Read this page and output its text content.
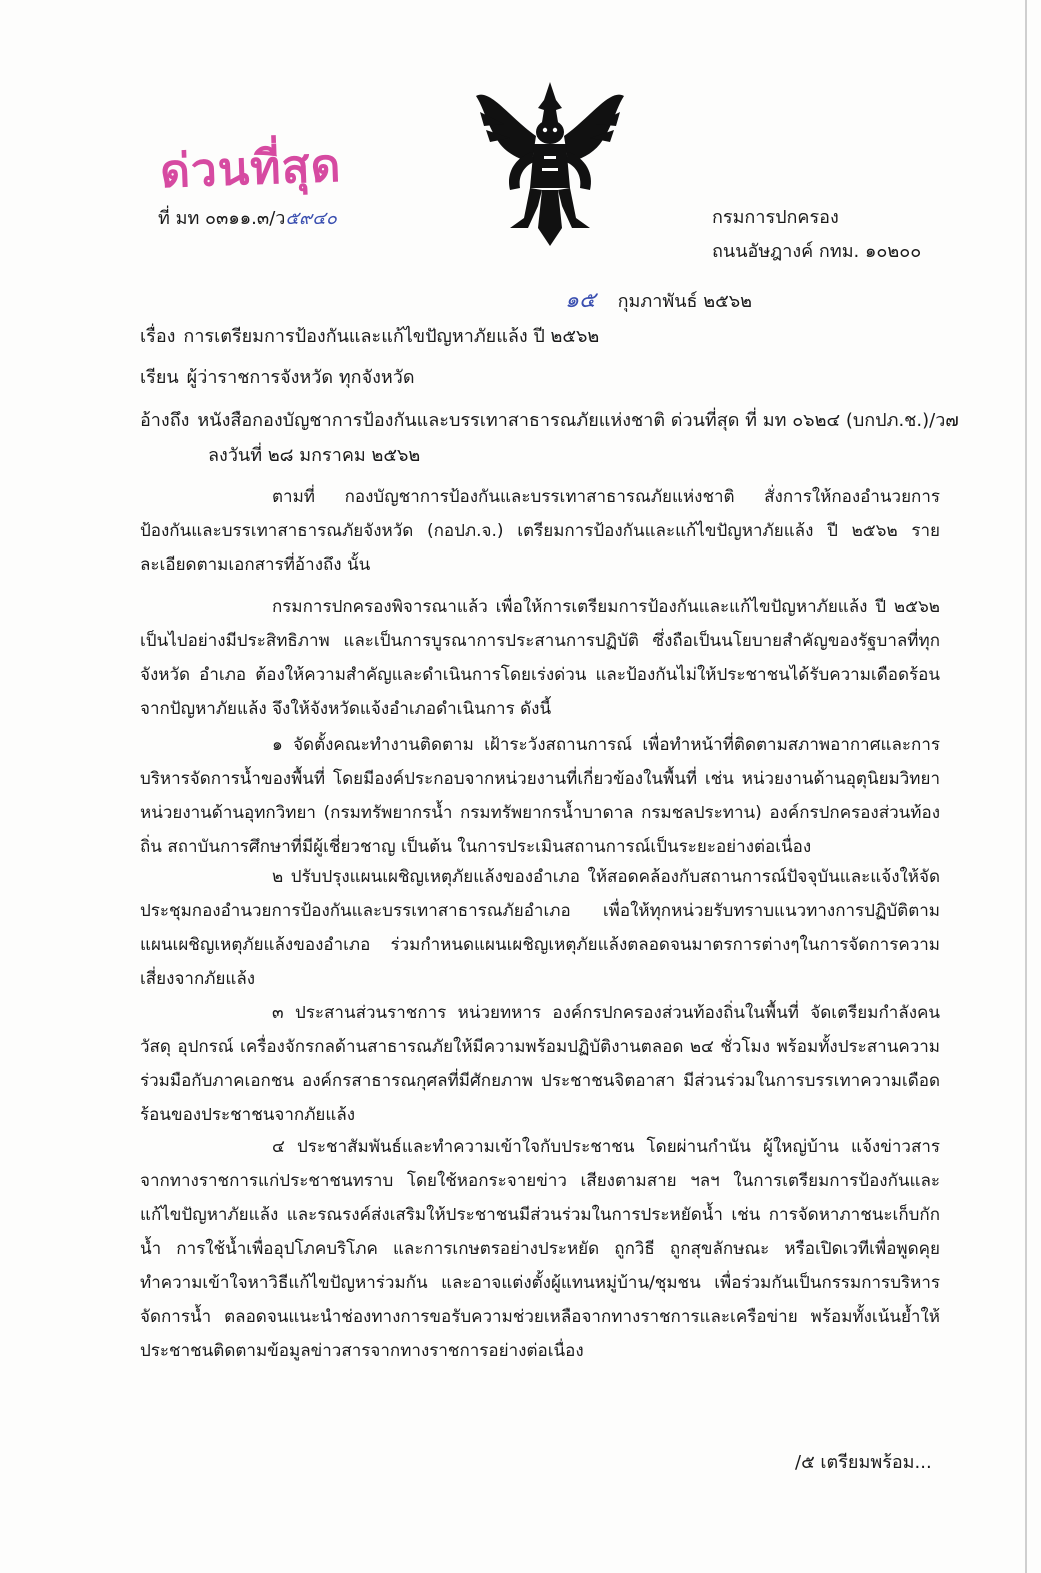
ด่วนที่สุด
ที่ มท ๐๓๑๑.๓/ว๕๙๔๐	กรมการปกครอง
ถนนอัษฎางค์ กทม. ๑๐๒๐๐
๑๕ กุมภาพันธ์ ๒๕๖๒
เรื่อง การเตรียมการป้องกันและแก้ไขปัญหาภัยแล้ง ปี ๒๕๖๒
เรียน ผู้ว่าราชการจังหวัด ทุกจังหวัด
อ้างถึง หนังสือกองบัญชาการป้องกันและบรรเทาสาธารณภัยแห่งชาติ ด่วนที่สุด ที่ มท ๐๖๒๔ (บกปภ.ช.)/ว๗
ลงวันที่ ๒๘ มกราคม ๒๕๖๒

ตามที่ กองบัญชาการป้องกันและบรรเทาสาธารณภัยแห่งชาติ สั่งการให้กองอำนวยการป้องกันและบรรเทาสาธารณภัยจังหวัด (กอปภ.จ.) เตรียมการป้องกันและแก้ไขปัญหาภัยแล้ง ปี ๒๕๖๒ รายละเอียดตามเอกสารที่อ้างถึง นั้น

กรมการปกครองพิจารณาแล้ว เพื่อให้การเตรียมการป้องกันและแก้ไขปัญหาภัยแล้ง ปี ๒๕๖๒ เป็นไปอย่างมีประสิทธิภาพ และเป็นการบูรณาการประสานการปฏิบัติ ซึ่งถือเป็นนโยบายสำคัญของรัฐบาลที่ทุกจังหวัด อำเภอ ต้องให้ความสำคัญและดำเนินการโดยเร่งด่วน และป้องกันไม่ให้ประชาชนได้รับความเดือดร้อนจากปัญหาภัยแล้ง จึงให้จังหวัดแจ้งอำเภอดำเนินการ ดังนี้

๑ จัดตั้งคณะทำงานติดตาม เฝ้าระวังสถานการณ์ เพื่อทำหน้าที่ติดตามสภาพอากาศและการบริหารจัดการน้ำของพื้นที่ โดยมีองค์ประกอบจากหน่วยงานที่เกี่ยวข้องในพื้นที่ เช่น หน่วยงานด้านอุตุนิยมวิทยา หน่วยงานด้านอุทกวิทยา (กรมทรัพยากรน้ำ กรมทรัพยากรน้ำบาดาล กรมชลประทาน) องค์กรปกครองส่วนท้องถิ่น สถาบันการศึกษาที่มีผู้เชี่ยวชาญ เป็นต้น ในการประเมินสถานการณ์เป็นระยะอย่างต่อเนื่อง

๒ ปรับปรุงแผนเผชิญเหตุภัยแล้งของอำเภอ ให้สอดคล้องกับสถานการณ์ปัจจุบันและแจ้งให้จัดประชุมกองอำนวยการป้องกันและบรรเทาสาธารณภัยอำเภอ เพื่อให้ทุกหน่วยรับทราบแนวทางการปฏิบัติตามแผนเผชิญเหตุภัยแล้งของอำเภอ ร่วมกำหนดแผนเผชิญเหตุภัยแล้งตลอดจนมาตรการต่างๆในการจัดการความเสี่ยงจากภัยแล้ง

๓ ประสานส่วนราชการ หน่วยทหาร องค์กรปกครองส่วนท้องถิ่นในพื้นที่ จัดเตรียมกำลังคน วัสดุ อุปกรณ์ เครื่องจักรกลด้านสาธารณภัยให้มีความพร้อมปฏิบัติงานตลอด ๒๔ ชั่วโมง พร้อมทั้งประสานความร่วมมือกับภาคเอกชน องค์กรสาธารณกุศลที่มีศักยภาพ ประชาชนจิตอาสา มีส่วนร่วมในการบรรเทาความเดือดร้อนของประชาชนจากภัยแล้ง

๔ ประชาสัมพันธ์และทำความเข้าใจกับประชาชน โดยผ่านกำนัน ผู้ใหญ่บ้าน แจ้งข่าวสารจากทางราชการแก่ประชาชนทราบ โดยใช้หอกระจายข่าว เสียงตามสาย ฯลฯ ในการเตรียมการป้องกันและแก้ไขปัญหาภัยแล้ง และรณรงค์ส่งเสริมให้ประชาชนมีส่วนร่วมในการประหยัดน้ำ เช่น การจัดหาภาชนะเก็บกักน้ำ การใช้น้ำเพื่ออุปโภคบริโภค และการเกษตรอย่างประหยัด ถูกวิธี ถูกสุขลักษณะ หรือเปิดเวทีเพื่อพูดคุยทำความเข้าใจหาวิธีแก้ไขปัญหาร่วมกัน และอาจแต่งตั้งผู้แทนหมู่บ้าน/ชุมชน เพื่อร่วมกันเป็นกรรมการบริหารจัดการน้ำ ตลอดจนแนะนำช่องทางการขอรับความช่วยเหลือจากทางราชการและเครือข่าย พร้อมทั้งเน้นย้ำให้ประชาชนติดตามข้อมูลข่าวสารจากทางราชการอย่างต่อเนื่อง

/๕ เตรียมพร้อม...
